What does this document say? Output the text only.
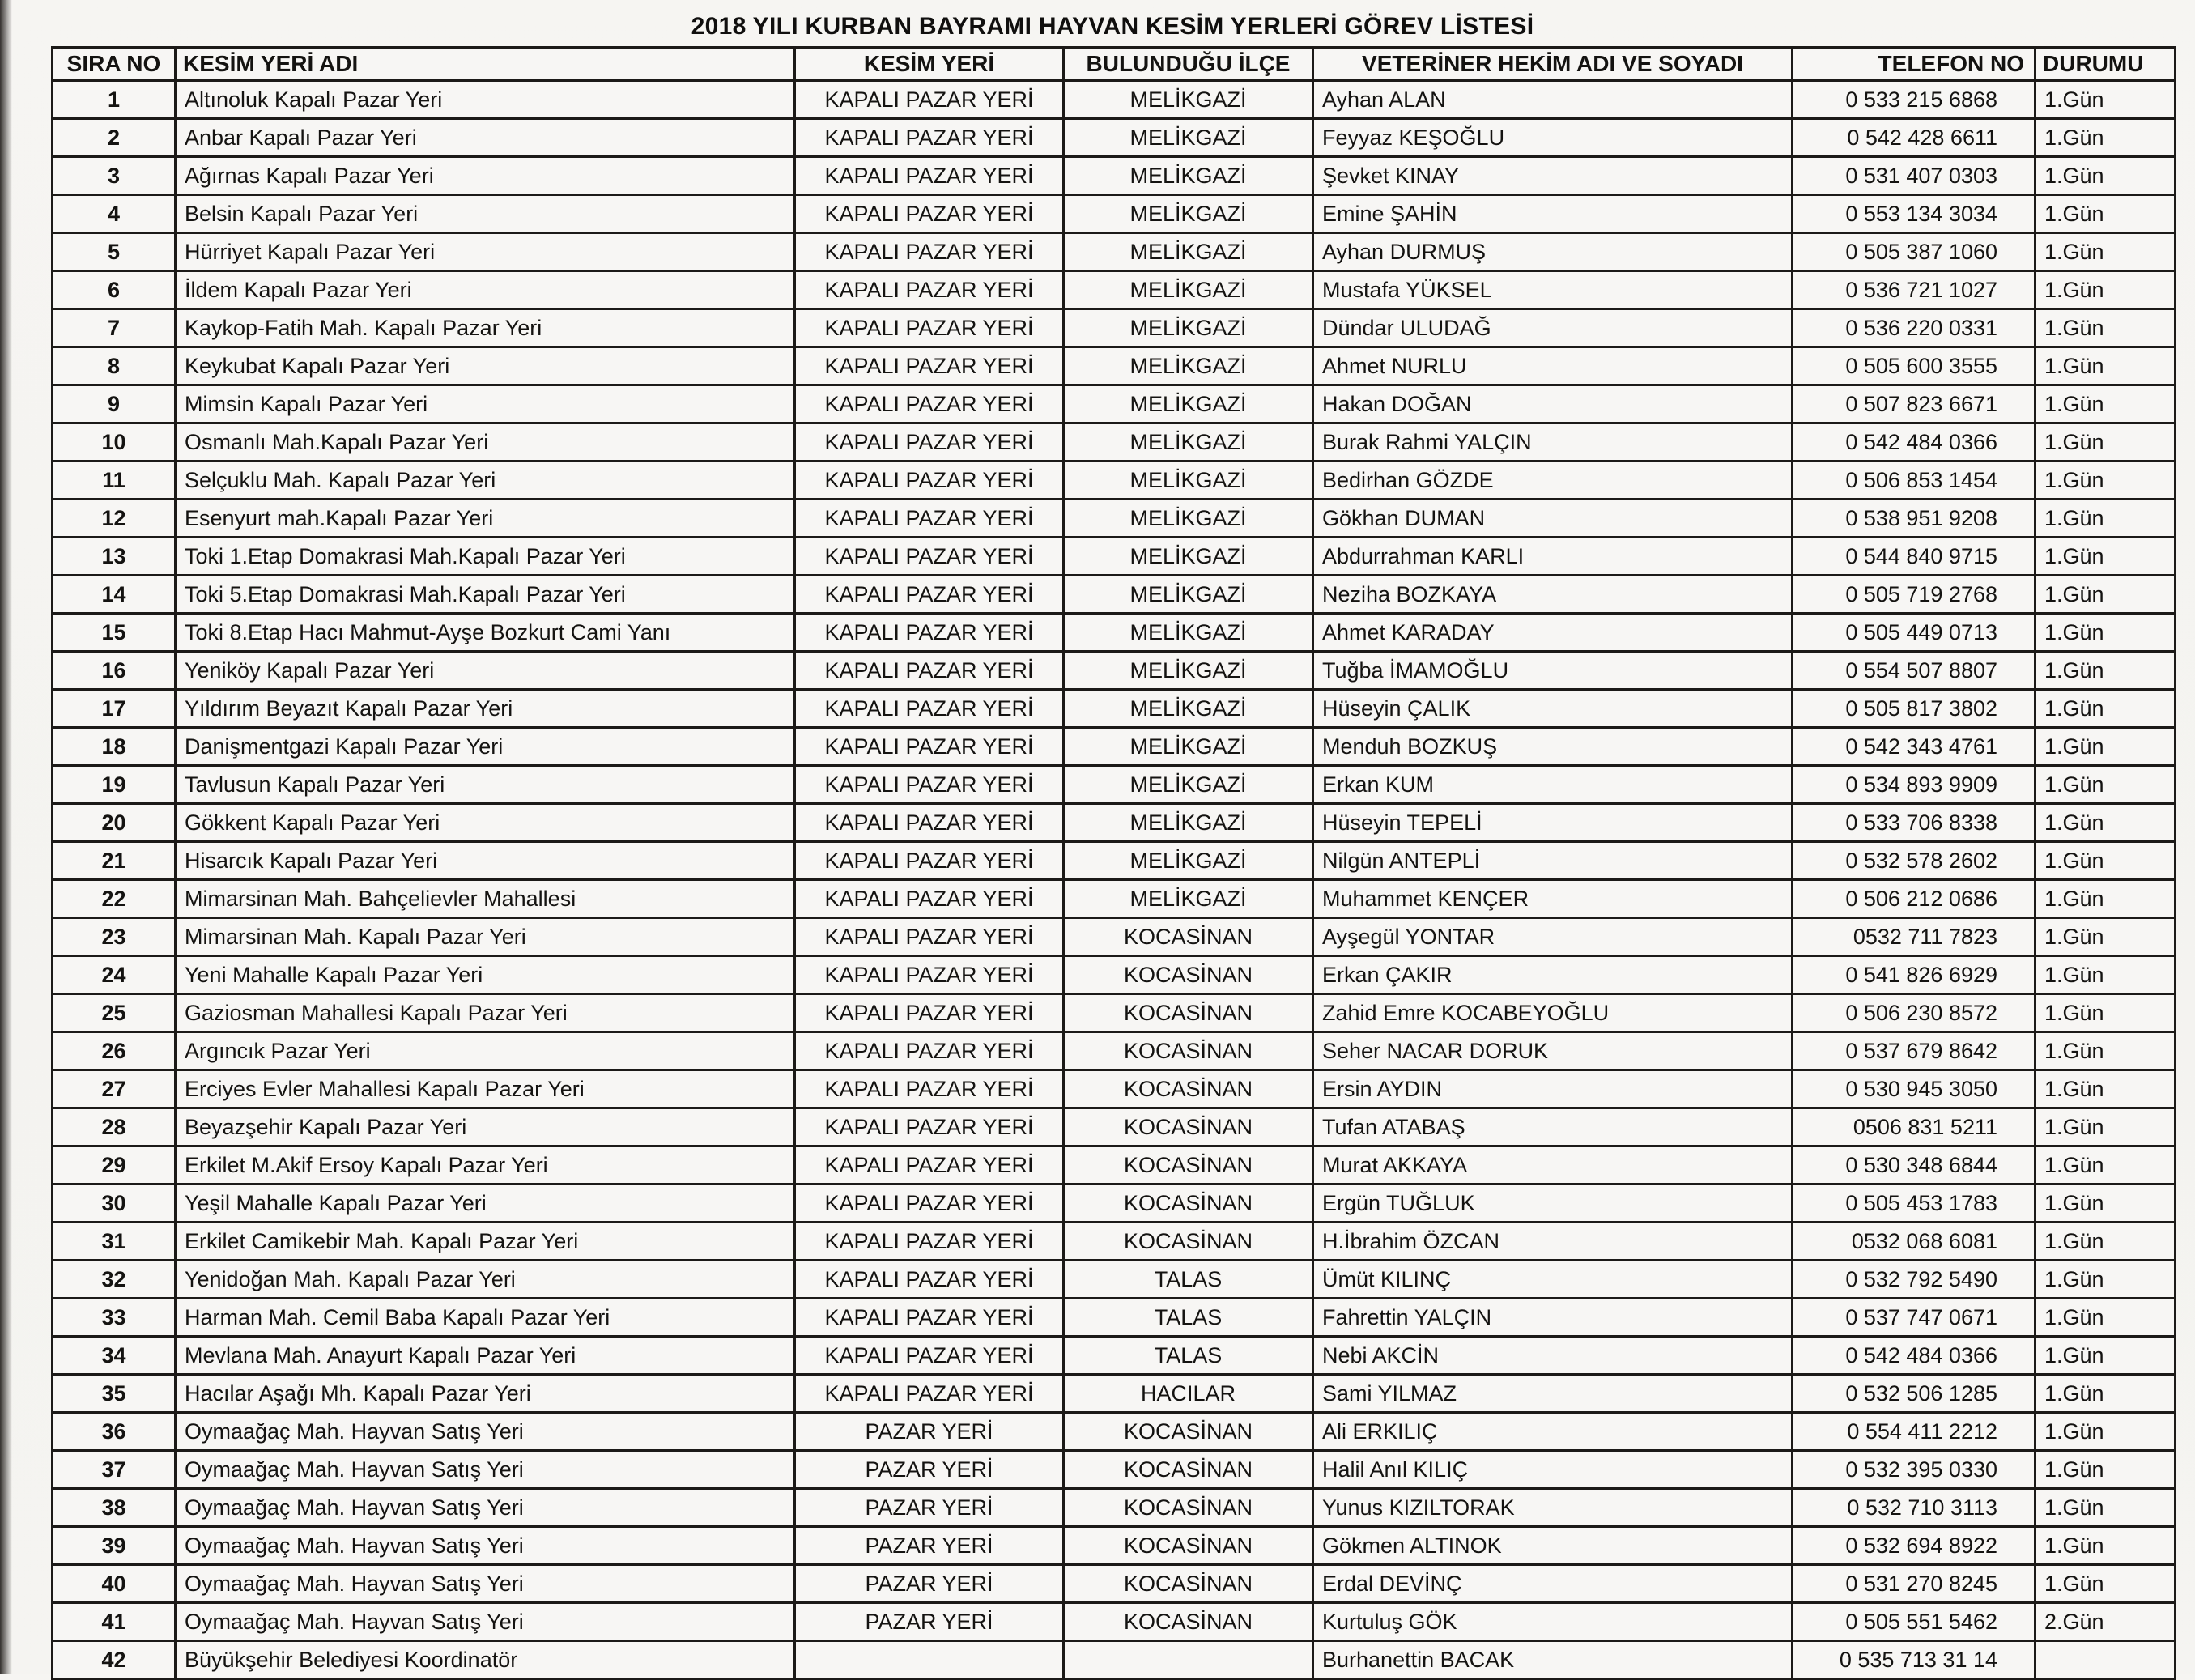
2018 YILI KURBAN BAYRAMI HAYVAN KESİM YERLERİ GÖREV LİSTESİ
SIRA NO	KESİM YERİ ADI	KESİM YERİ	BULUNDUĞU İLÇE	VETERİNER HEKİM ADI VE SOYADI	TELEFON NO	DURUMU
1	Altınoluk Kapalı Pazar Yeri	KAPALI PAZAR YERİ	MELİKGAZİ	Ayhan ALAN	0 533 215 6868	1.Gün
2	Anbar Kapalı Pazar Yeri	KAPALI PAZAR YERİ	MELİKGAZİ	Feyyaz KEŞOĞLU	0 542 428 6611	1.Gün
3	Ağırnas Kapalı Pazar Yeri	KAPALI PAZAR YERİ	MELİKGAZİ	Şevket KINAY	0 531 407 0303	1.Gün
4	Belsin Kapalı Pazar Yeri	KAPALI PAZAR YERİ	MELİKGAZİ	Emine ŞAHİN	0 553 134 3034	1.Gün
5	Hürriyet Kapalı Pazar Yeri	KAPALI PAZAR YERİ	MELİKGAZİ	Ayhan DURMUŞ	0 505 387 1060	1.Gün
6	İldem Kapalı Pazar Yeri	KAPALI PAZAR YERİ	MELİKGAZİ	Mustafa YÜKSEL	0 536 721 1027	1.Gün
7	Kaykop-Fatih Mah. Kapalı Pazar Yeri	KAPALI PAZAR YERİ	MELİKGAZİ	Dündar ULUDAĞ	0 536 220 0331	1.Gün
8	Keykubat Kapalı Pazar Yeri	KAPALI PAZAR YERİ	MELİKGAZİ	Ahmet NURLU	0 505 600 3555	1.Gün
9	Mimsin Kapalı Pazar Yeri	KAPALI PAZAR YERİ	MELİKGAZİ	Hakan DOĞAN	0 507 823 6671	1.Gün
10	Osmanlı Mah.Kapalı Pazar Yeri	KAPALI PAZAR YERİ	MELİKGAZİ	Burak Rahmi YALÇIN	0 542 484 0366	1.Gün
11	Selçuklu Mah. Kapalı Pazar Yeri	KAPALI PAZAR YERİ	MELİKGAZİ	Bedirhan GÖZDE	0 506 853 1454	1.Gün
12	Esenyurt mah.Kapalı Pazar Yeri	KAPALI PAZAR YERİ	MELİKGAZİ	Gökhan DUMAN	0 538 951 9208	1.Gün
13	Toki 1.Etap Domakrasi Mah.Kapalı Pazar Yeri	KAPALI PAZAR YERİ	MELİKGAZİ	Abdurrahman KARLI	0 544 840 9715	1.Gün
14	Toki 5.Etap Domakrasi Mah.Kapalı Pazar Yeri	KAPALI PAZAR YERİ	MELİKGAZİ	Neziha BOZKAYA	0 505 719 2768	1.Gün
15	Toki 8.Etap Hacı Mahmut-Ayşe Bozkurt Cami Yanı	KAPALI PAZAR YERİ	MELİKGAZİ	Ahmet KARADAY	0 505 449 0713	1.Gün
16	Yeniköy Kapalı Pazar Yeri	KAPALI PAZAR YERİ	MELİKGAZİ	Tuğba İMAMOĞLU	0 554 507 8807	1.Gün
17	Yıldırım Beyazıt Kapalı Pazar Yeri	KAPALI PAZAR YERİ	MELİKGAZİ	Hüseyin ÇALIK	0 505 817 3802	1.Gün
18	Danişmentgazi Kapalı Pazar Yeri	KAPALI PAZAR YERİ	MELİKGAZİ	Menduh BOZKUŞ	0 542 343 4761	1.Gün
19	Tavlusun Kapalı Pazar Yeri	KAPALI PAZAR YERİ	MELİKGAZİ	Erkan KUM	0 534 893 9909	1.Gün
20	Gökkent Kapalı Pazar Yeri	KAPALI PAZAR YERİ	MELİKGAZİ	Hüseyin TEPELİ	0 533 706 8338	1.Gün
21	Hisarcık Kapalı Pazar Yeri	KAPALI PAZAR YERİ	MELİKGAZİ	Nilgün ANTEPLİ	0 532 578 2602	1.Gün
22	Mimarsinan Mah. Bahçelievler Mahallesi	KAPALI PAZAR YERİ	MELİKGAZİ	Muhammet KENÇER	0 506 212 0686	1.Gün
23	Mimarsinan Mah. Kapalı Pazar Yeri	KAPALI PAZAR YERİ	KOCASİNAN	Ayşegül YONTAR	0532 711 7823	1.Gün
24	Yeni Mahalle Kapalı Pazar Yeri	KAPALI PAZAR YERİ	KOCASİNAN	Erkan ÇAKIR	0 541 826 6929	1.Gün
25	Gaziosman Mahallesi Kapalı Pazar Yeri	KAPALI PAZAR YERİ	KOCASİNAN	Zahid Emre KOCABEYOĞLU	0 506 230 8572	1.Gün
26	Argıncık Pazar Yeri	KAPALI PAZAR YERİ	KOCASİNAN	Seher NACAR DORUK	0 537 679 8642	1.Gün
27	Erciyes Evler Mahallesi Kapalı Pazar Yeri	KAPALI PAZAR YERİ	KOCASİNAN	Ersin AYDIN	0 530 945 3050	1.Gün
28	Beyazşehir Kapalı Pazar Yeri	KAPALI PAZAR YERİ	KOCASİNAN	Tufan ATABAŞ	0506 831 5211	1.Gün
29	Erkilet M.Akif Ersoy Kapalı Pazar Yeri	KAPALI PAZAR YERİ	KOCASİNAN	Murat AKKAYA	0 530 348 6844	1.Gün
30	Yeşil Mahalle Kapalı Pazar Yeri	KAPALI PAZAR YERİ	KOCASİNAN	Ergün TUĞLUK	0 505 453 1783	1.Gün
31	Erkilet Camikebir Mah. Kapalı Pazar Yeri	KAPALI PAZAR YERİ	KOCASİNAN	H.İbrahim ÖZCAN	0532 068 6081	1.Gün
32	Yenidoğan Mah. Kapalı Pazar Yeri	KAPALI PAZAR YERİ	TALAS	Ümüt KILINÇ	0 532 792 5490	1.Gün
33	Harman Mah. Cemil Baba Kapalı Pazar Yeri	KAPALI PAZAR YERİ	TALAS	Fahrettin YALÇIN	0 537 747 0671	1.Gün
34	Mevlana Mah. Anayurt Kapalı Pazar Yeri	KAPALI PAZAR YERİ	TALAS	Nebi AKCİN	0 542 484 0366	1.Gün
35	Hacılar Aşağı Mh. Kapalı Pazar Yeri	KAPALI PAZAR YERİ	HACILAR	Sami YILMAZ	0 532 506 1285	1.Gün
36	Oymaağaç Mah. Hayvan Satış Yeri	PAZAR YERİ	KOCASİNAN	Ali ERKILIÇ	0 554 411 2212	1.Gün
37	Oymaağaç Mah. Hayvan Satış Yeri	PAZAR YERİ	KOCASİNAN	Halil Anıl KILIÇ	0 532 395 0330	1.Gün
38	Oymaağaç Mah. Hayvan Satış Yeri	PAZAR YERİ	KOCASİNAN	Yunus KIZILTORAK	0 532 710 3113	1.Gün
39	Oymaağaç Mah. Hayvan Satış Yeri	PAZAR YERİ	KOCASİNAN	Gökmen ALTINOK	0 532 694 8922	1.Gün
40	Oymaağaç Mah. Hayvan Satış Yeri	PAZAR YERİ	KOCASİNAN	Erdal DEVİNÇ	0 531 270 8245	1.Gün
41	Oymaağaç Mah. Hayvan Satış Yeri	PAZAR YERİ	KOCASİNAN	Kurtuluş GÖK	0 505 551 5462	2.Gün
42	Büyükşehir Belediyesi Koordinatör			Burhanettin BACAK	0 535 713 31 14	
